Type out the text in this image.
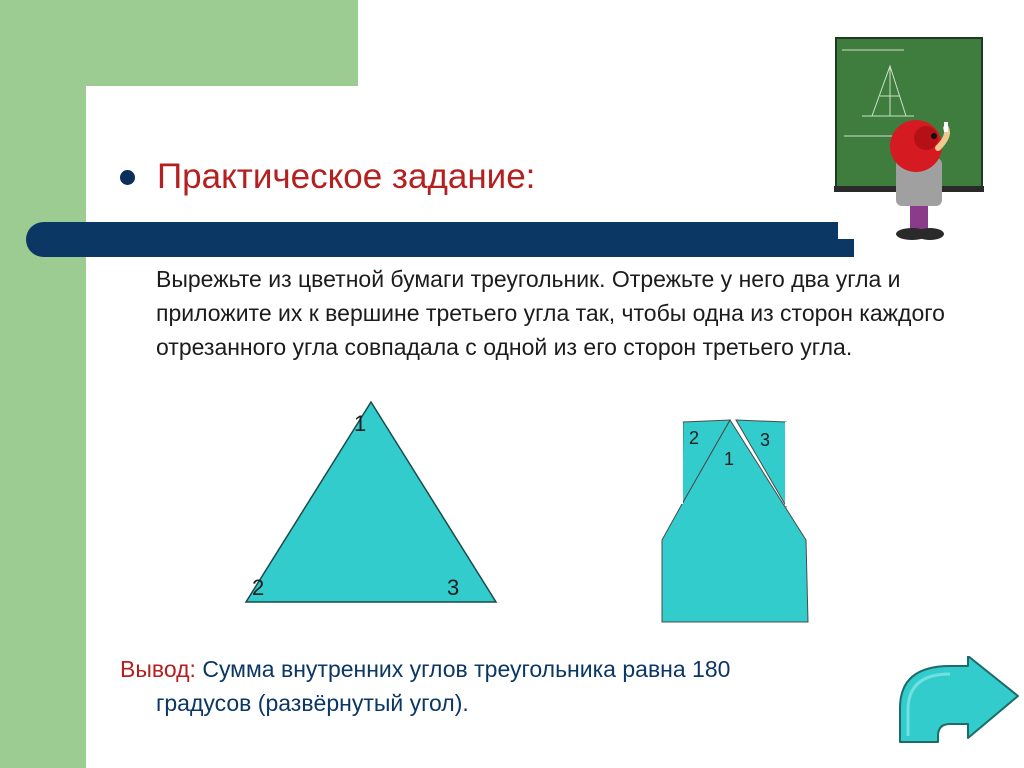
Практическое задание:
Вырежьте из цветной бумаги треугольник. Отрежьте у него два угла и приложите их к вершине третьего угла так, чтобы одна из сторон каждого отрезанного угла совпадала с одной из его сторон третьего угла.
1
2	3
2
1
3
Вывод: Сумма внутренних углов треугольника равна 180
градусов (развёрнутый угол).
